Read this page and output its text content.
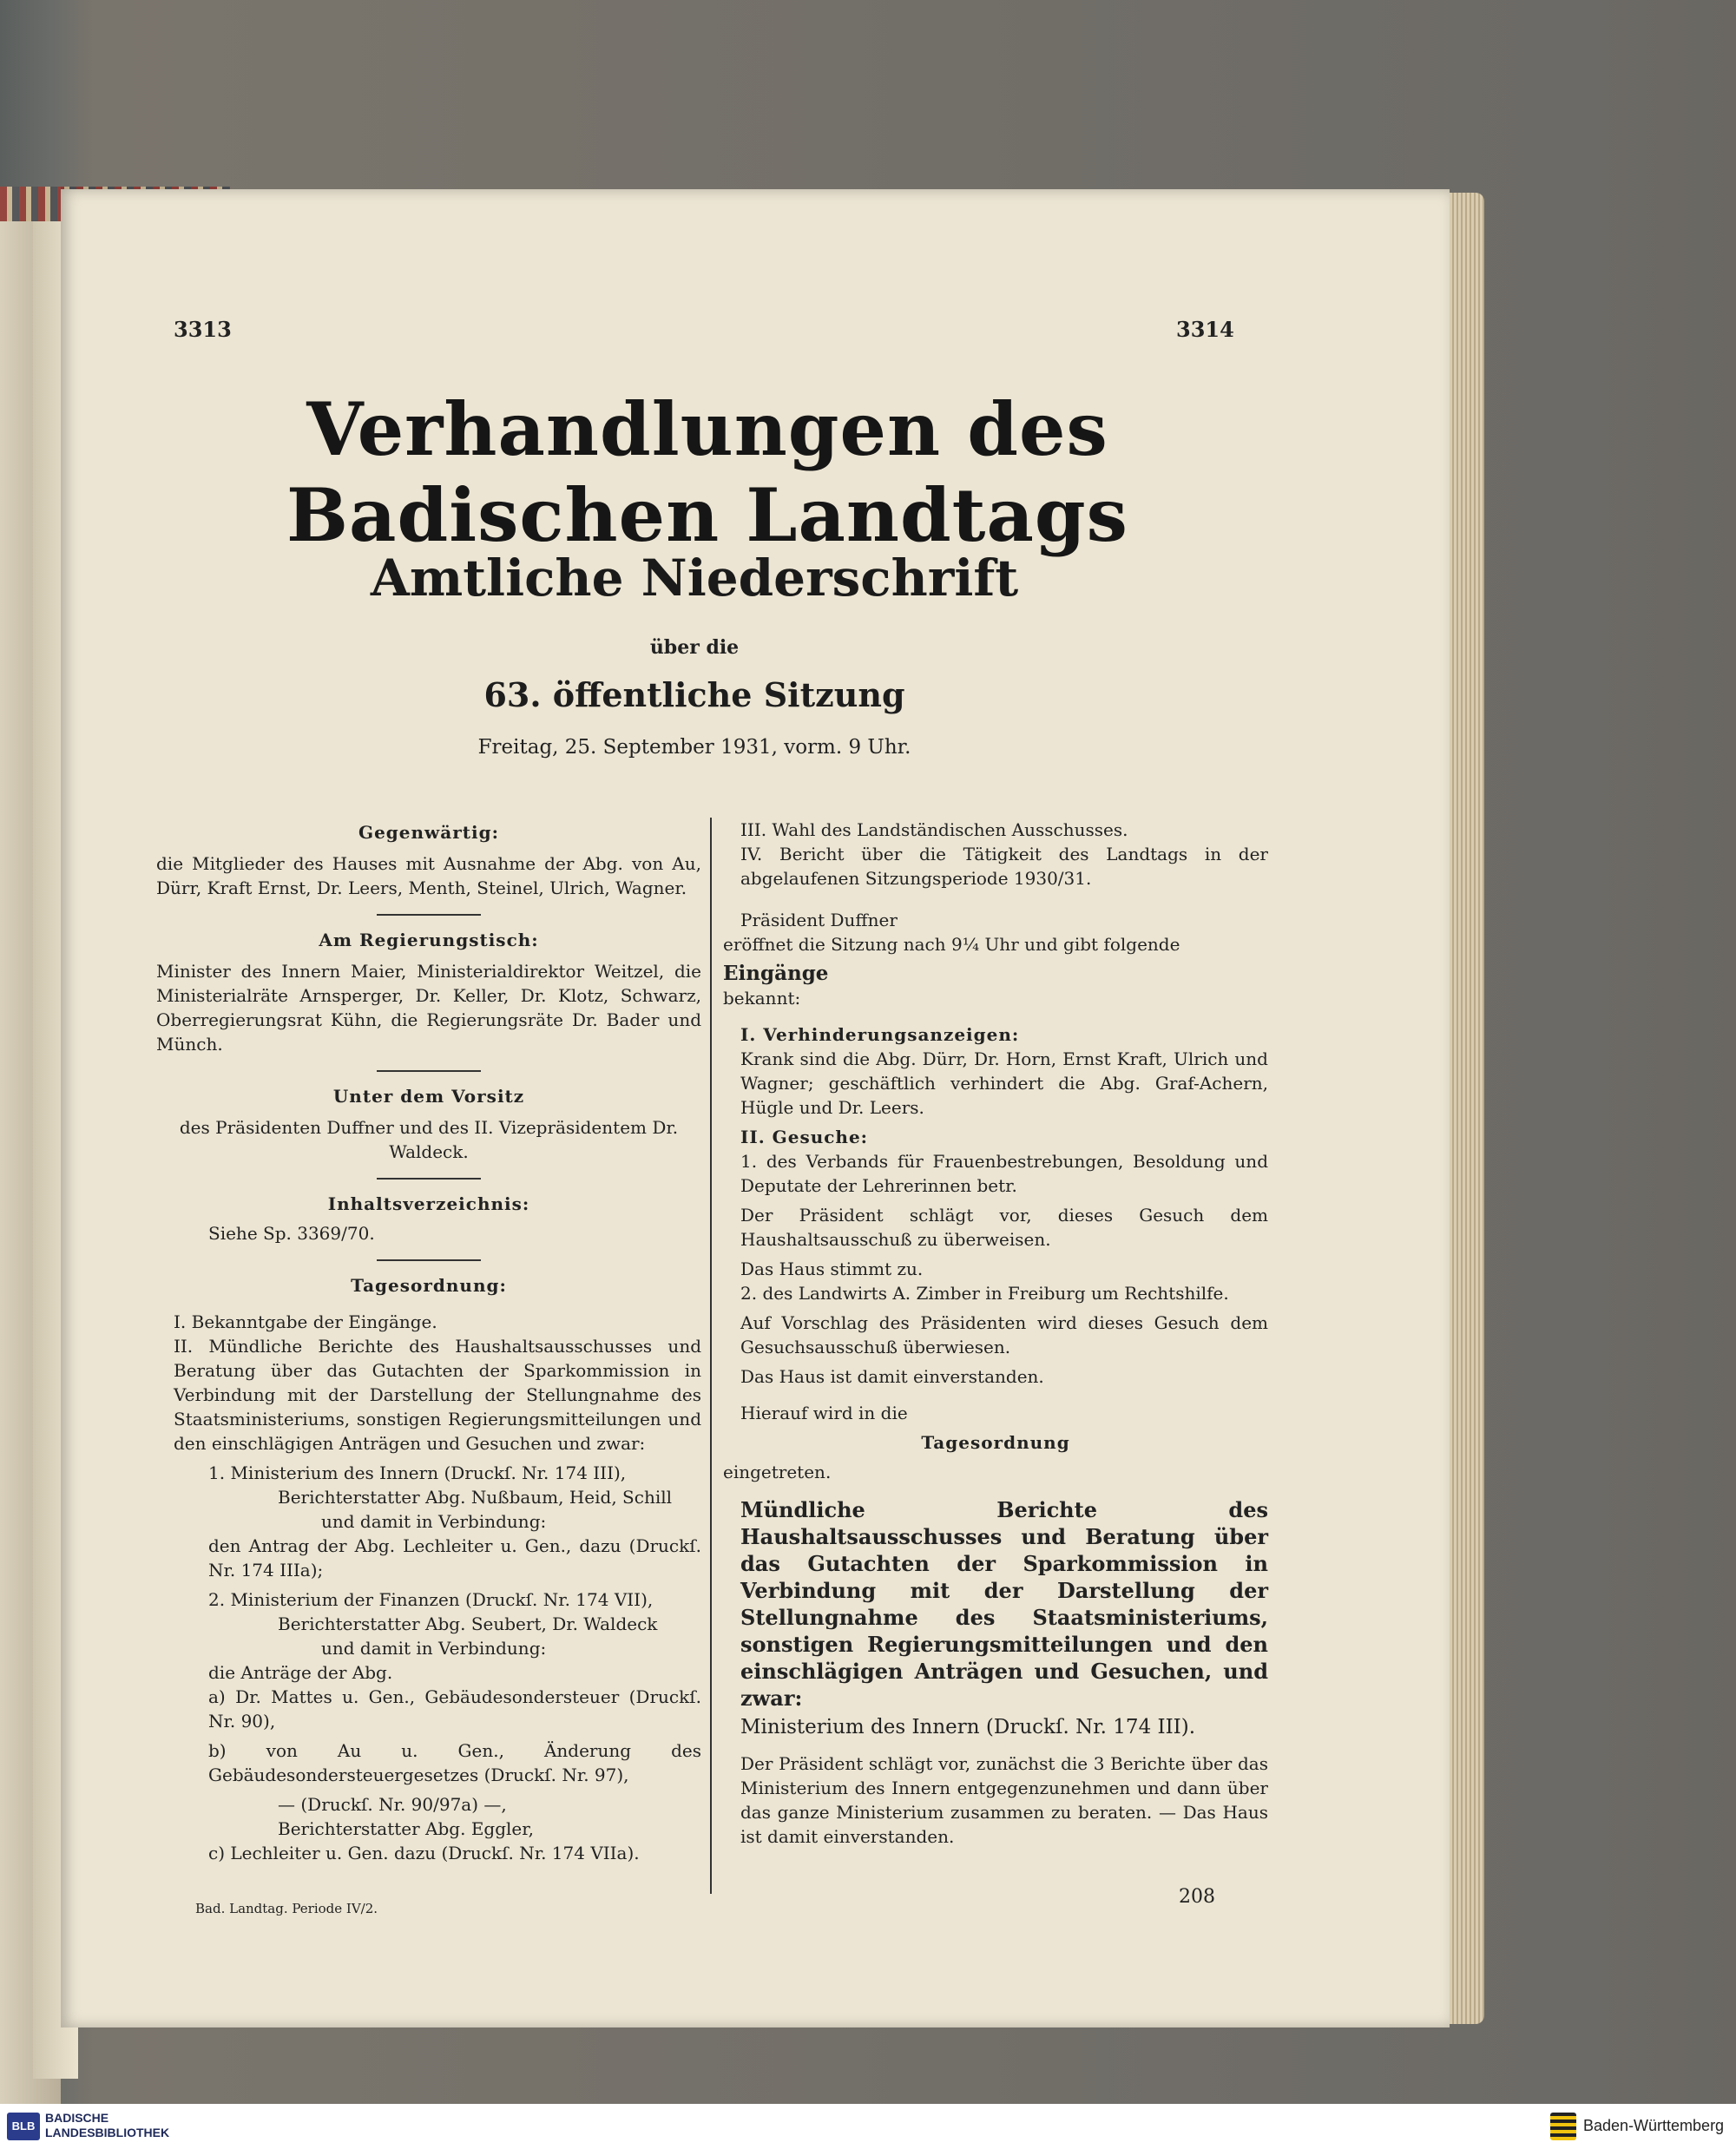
3313	3314
Verhandlungen des Badischen Landtags
Amtliche Niederschrift
über die
63. öffentliche Sitzung
Freitag, 25. September 1931, vorm. 9 Uhr.
Gegenwärtig:
die Mitglieder des Hauses mit Ausnahme der Abg. von Au, Dürr, Kraft Ernst, Dr. Leers, Menth, Steinel, Ulrich, Wagner.
Am Regierungstisch:
Minister des Innern Maier, Ministerialdirektor Weitzel, die Ministerialräte Arnsperger, Dr. Keller, Dr. Klotz, Schwarz, Oberregierungsrat Kühn, die Regierungsräte Dr. Bader und Münch.
Unter dem Vorsitz
des Präsidenten Duffner und des II. Vizepräsidentem Dr. Waldeck.
Inhaltsverzeichnis:
Siehe Sp. 3369/70.
Tagesordnung:
I. Bekanntgabe der Eingänge.
II. Mündliche Berichte des Haushaltsausschusses und Beratung über das Gutachten der Sparkommission in Verbindung mit der Darstellung der Stellungnahme des Staatsministeriums, sonstigen Regierungsmitteilungen und den einschlägigen Anträgen und Gesuchen und zwar:
1. Ministerium des Innern (Druckſ. Nr. 174 III),
Berichterstatter Abg. Nußbaum, Heid, Schill
und damit in Verbindung:
den Antrag der Abg. Lechleiter u. Gen., dazu (Druckſ. Nr. 174 IIIa);
2. Ministerium der Finanzen (Druckſ. Nr. 174 VII),
Berichterstatter Abg. Seubert, Dr. Waldeck
und damit in Verbindung:
die Anträge der Abg.
a) Dr. Mattes u. Gen., Gebäudesondersteuer (Druckſ. Nr. 90),
b) von Au u. Gen., Änderung des Gebäudesondersteuergesetzes (Druckſ. Nr. 97),
— (Druckſ. Nr. 90/97a) —,
Berichterstatter Abg. Eggler,
c) Lechleiter u. Gen. dazu (Druckſ. Nr. 174 VIIa).
III. Wahl des Landständischen Ausschusses.
IV. Bericht über die Tätigkeit des Landtags in der abgelaufenen Sitzungsperiode 1930/31.
Präsident Duffner
eröffnet die Sitzung nach 9¼ Uhr und gibt folgende
Eingänge
bekannt:
I. Verhinderungsanzeigen:
Krank sind die Abg. Dürr, Dr. Horn, Ernst Kraft, Ulrich und Wagner; geschäftlich verhindert die Abg. Graf-Achern, Hügle und Dr. Leers.
II. Gesuche:
1. des Verbands für Frauenbestrebungen, Besoldung und Deputate der Lehrerinnen betr.
Der Präsident schlägt vor, dieses Gesuch dem Haushaltsausschuß zu überweisen.
Das Haus stimmt zu.
2. des Landwirts A. Zimber in Freiburg um Rechtshilfe.
Auf Vorschlag des Präsidenten wird dieses Gesuch dem Gesuchsausschuß überwiesen.
Das Haus ist damit einverstanden.
Hierauf wird in die
Tagesordnung
eingetreten.
Mündliche Berichte des Haushaltsausschusses und Beratung über das Gutachten der Sparkommission in Verbindung mit der Darstellung der Stellungnahme des Staatsministeriums, sonstigen Regierungsmitteilungen und den einschlägigen Anträgen und Gesuchen, und zwar:
Ministerium des Innern (Druckſ. Nr. 174 III).
Der Präsident schlägt vor, zunächst die 3 Berichte über das Ministerium des Innern entgegenzunehmen und dann über das ganze Ministerium zusammen zu beraten. — Das Haus ist damit einverstanden.
Bad. Landtag. Periode IV/2.
208
BLB
BADISCHE
LANDESBIBLIOTHEK	Baden-Württemberg
